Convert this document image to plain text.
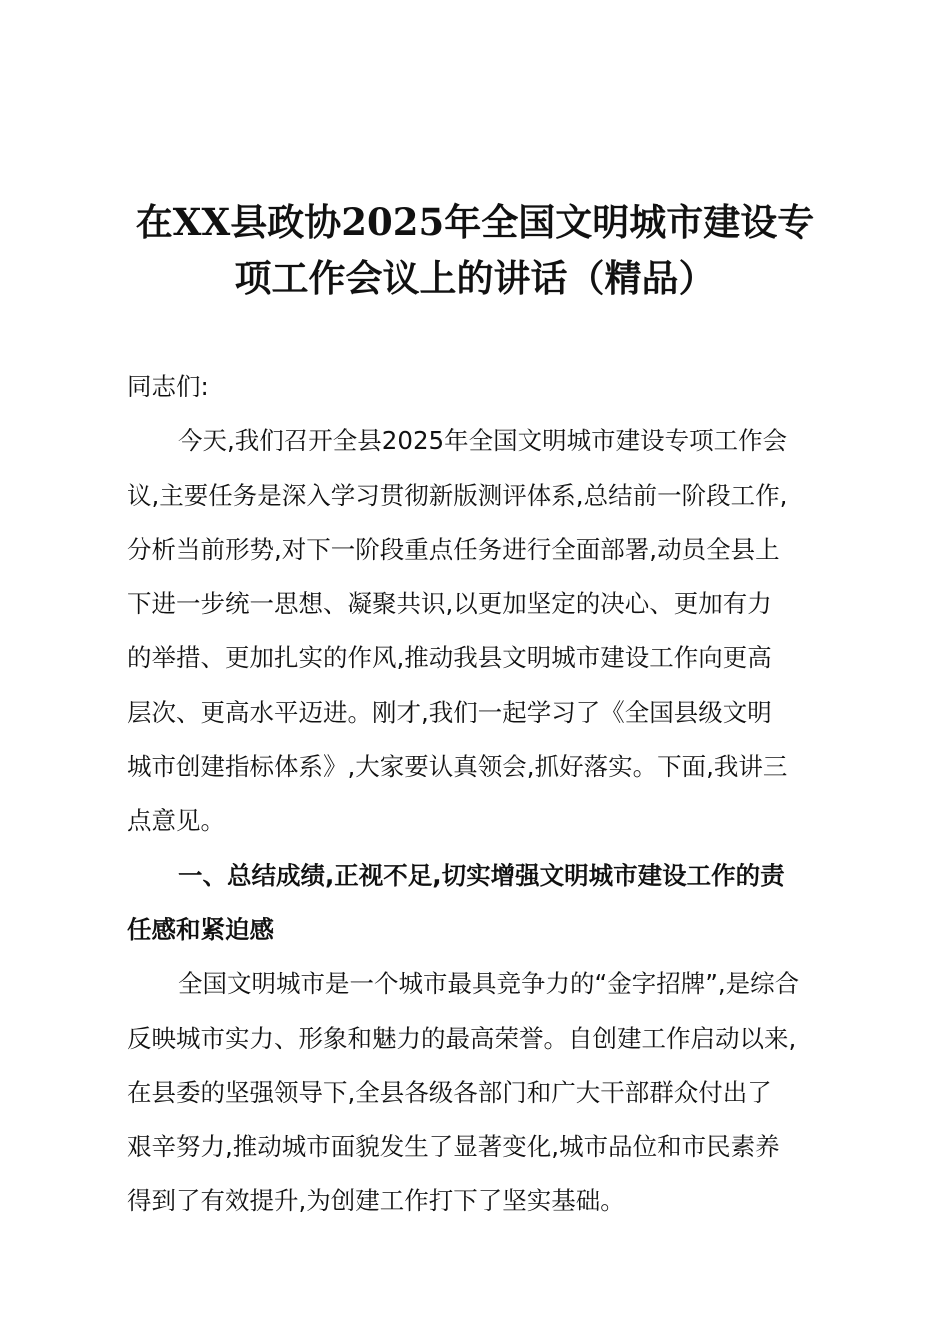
在XX县政协2025年全国文明城市建设专
项工作会议上的讲话（精品）

同志们:

今天,我们召开全县2025年全国文明城市建设专项工作会
议,主要任务是深入学习贯彻新版测评体系,总结前一阶段工作,
分析当前形势,对下一阶段重点任务进行全面部署,动员全县上
下进一步统一思想、凝聚共识,以更加坚定的决心、更加有力
的举措、更加扎实的作风,推动我县文明城市建设工作向更高
层次、更高水平迈进。刚才,我们一起学习了《全国县级文明
城市创建指标体系》,大家要认真领会,抓好落实。下面,我讲三
点意见。

一、总结成绩,正视不足,切实增强文明城市建设工作的责
任感和紧迫感

全国文明城市是一个城市最具竞争力的“金字招牌”,是综合
反映城市实力、形象和魅力的最高荣誉。自创建工作启动以来,
在县委的坚强领导下,全县各级各部门和广大干部群众付出了
艰辛努力,推动城市面貌发生了显著变化,城市品位和市民素养
得到了有效提升,为创建工作打下了坚实基础。
